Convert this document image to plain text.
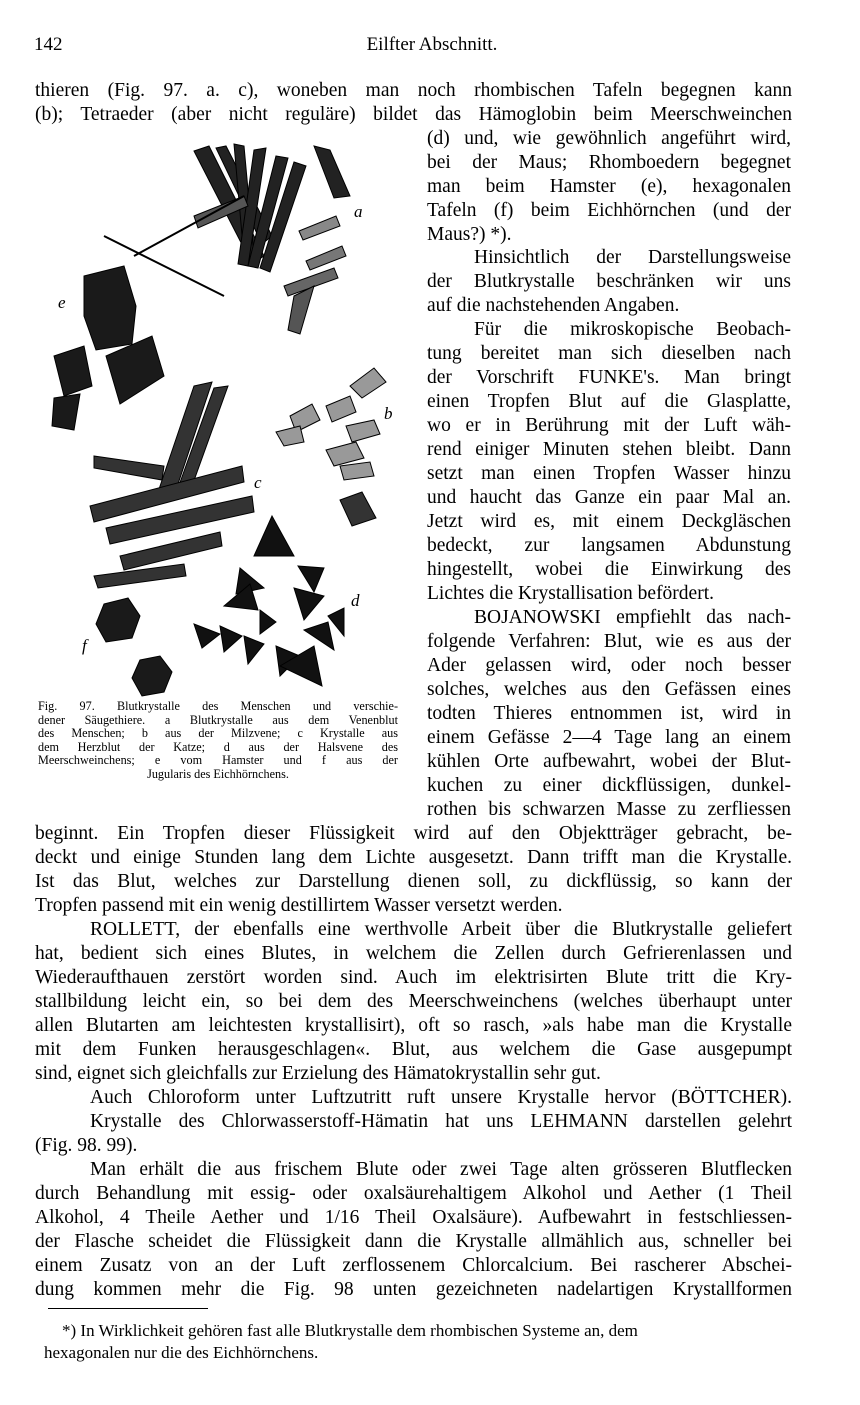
142	Eilfter Abschnitt.
thieren (Fig. 97. a. c), woneben man noch rhombischen Tafeln begegnen kann
(b); Tetraeder (aber nicht reguläre) bildet das Hämoglobin beim Meerschweinchen
(d) und, wie gewöhnlich angeführt wird,
bei der Maus; Rhomboedern begegnet
man beim Hamster (e), hexagonalen
Tafeln (f) beim Eichhörnchen (und der
Maus?) *).
Hinsichtlich der Darstellungsweise
der Blutkrystalle beschränken wir uns
auf die nachstehenden Angaben.
Für die mikroskopische Beobach-
tung bereitet man sich dieselben nach
der Vorschrift FUNKE's. Man bringt
einen Tropfen Blut auf die Glasplatte,
wo er in Berührung mit der Luft wäh-
rend einiger Minuten stehen bleibt. Dann
setzt man einen Tropfen Wasser hinzu
und haucht das Ganze ein paar Mal an.
Jetzt wird es, mit einem Deckgläschen
bedeckt, zur langsamen Abdunstung
hingestellt, wobei die Einwirkung des
Lichtes die Krystallisation befördert.
BOJANOWSKI empfiehlt das nach-
folgende Verfahren: Blut, wie es aus der
Ader gelassen wird, oder noch besser
solches, welches aus den Gefässen eines
todten Thieres entnommen ist, wird in
einem Gefässe 2—4 Tage lang an einem
kühlen Orte aufbewahrt, wobei der Blut-
kuchen zu einer dickflüssigen, dunkel-
rothen bis schwarzen Masse zu zerfliessen
a
e
b
c
d
f
Fig. 97. Blutkrystalle des Menschen und verschie-
dener Säugethiere. a Blutkrystalle aus dem Venenblut
des Menschen; b aus der Milzvene; c Krystalle aus
dem Herzblut der Katze; d aus der Halsvene des
Meerschweinchens; e vom Hamster und f aus der
Jugularis des Eichhörnchens.
beginnt. Ein Tropfen dieser Flüssigkeit wird auf den Objektträger gebracht, be-
deckt und einige Stunden lang dem Lichte ausgesetzt. Dann trifft man die Krystalle.
Ist das Blut, welches zur Darstellung dienen soll, zu dickflüssig, so kann der
Tropfen passend mit ein wenig destillirtem Wasser versetzt werden.
ROLLETT, der ebenfalls eine werthvolle Arbeit über die Blutkrystalle geliefert
hat, bedient sich eines Blutes, in welchem die Zellen durch Gefrierenlassen und
Wiederaufthauen zerstört worden sind. Auch im elektrisirten Blute tritt die Kry-
stallbildung leicht ein, so bei dem des Meerschweinchens (welches überhaupt unter
allen Blutarten am leichtesten krystallisirt), oft so rasch, »als habe man die Krystalle
mit dem Funken herausgeschlagen«. Blut, aus welchem die Gase ausgepumpt
sind, eignet sich gleichfalls zur Erzielung des Hämatokrystallin sehr gut.
Auch Chloroform unter Luftzutritt ruft unsere Krystalle hervor (BÖTTCHER).
Krystalle des Chlorwasserstoff-Hämatin hat uns LEHMANN darstellen gelehrt
(Fig. 98. 99).
Man erhält die aus frischem Blute oder zwei Tage alten grösseren Blutflecken
durch Behandlung mit essig- oder oxalsäurehaltigem Alkohol und Aether (1 Theil
Alkohol, 4 Theile Aether und 1/16 Theil Oxalsäure). Aufbewahrt in festschliessen-
der Flasche scheidet die Flüssigkeit dann die Krystalle allmählich aus, schneller bei
einem Zusatz von an der Luft zerflossenem Chlorcalcium. Bei rascherer Abschei-
dung kommen mehr die Fig. 98 unten gezeichneten nadelartigen Krystallformen
*) In Wirklichkeit gehören fast alle Blutkrystalle dem rhombischen Systeme an, dem
hexagonalen nur die des Eichhörnchens.
